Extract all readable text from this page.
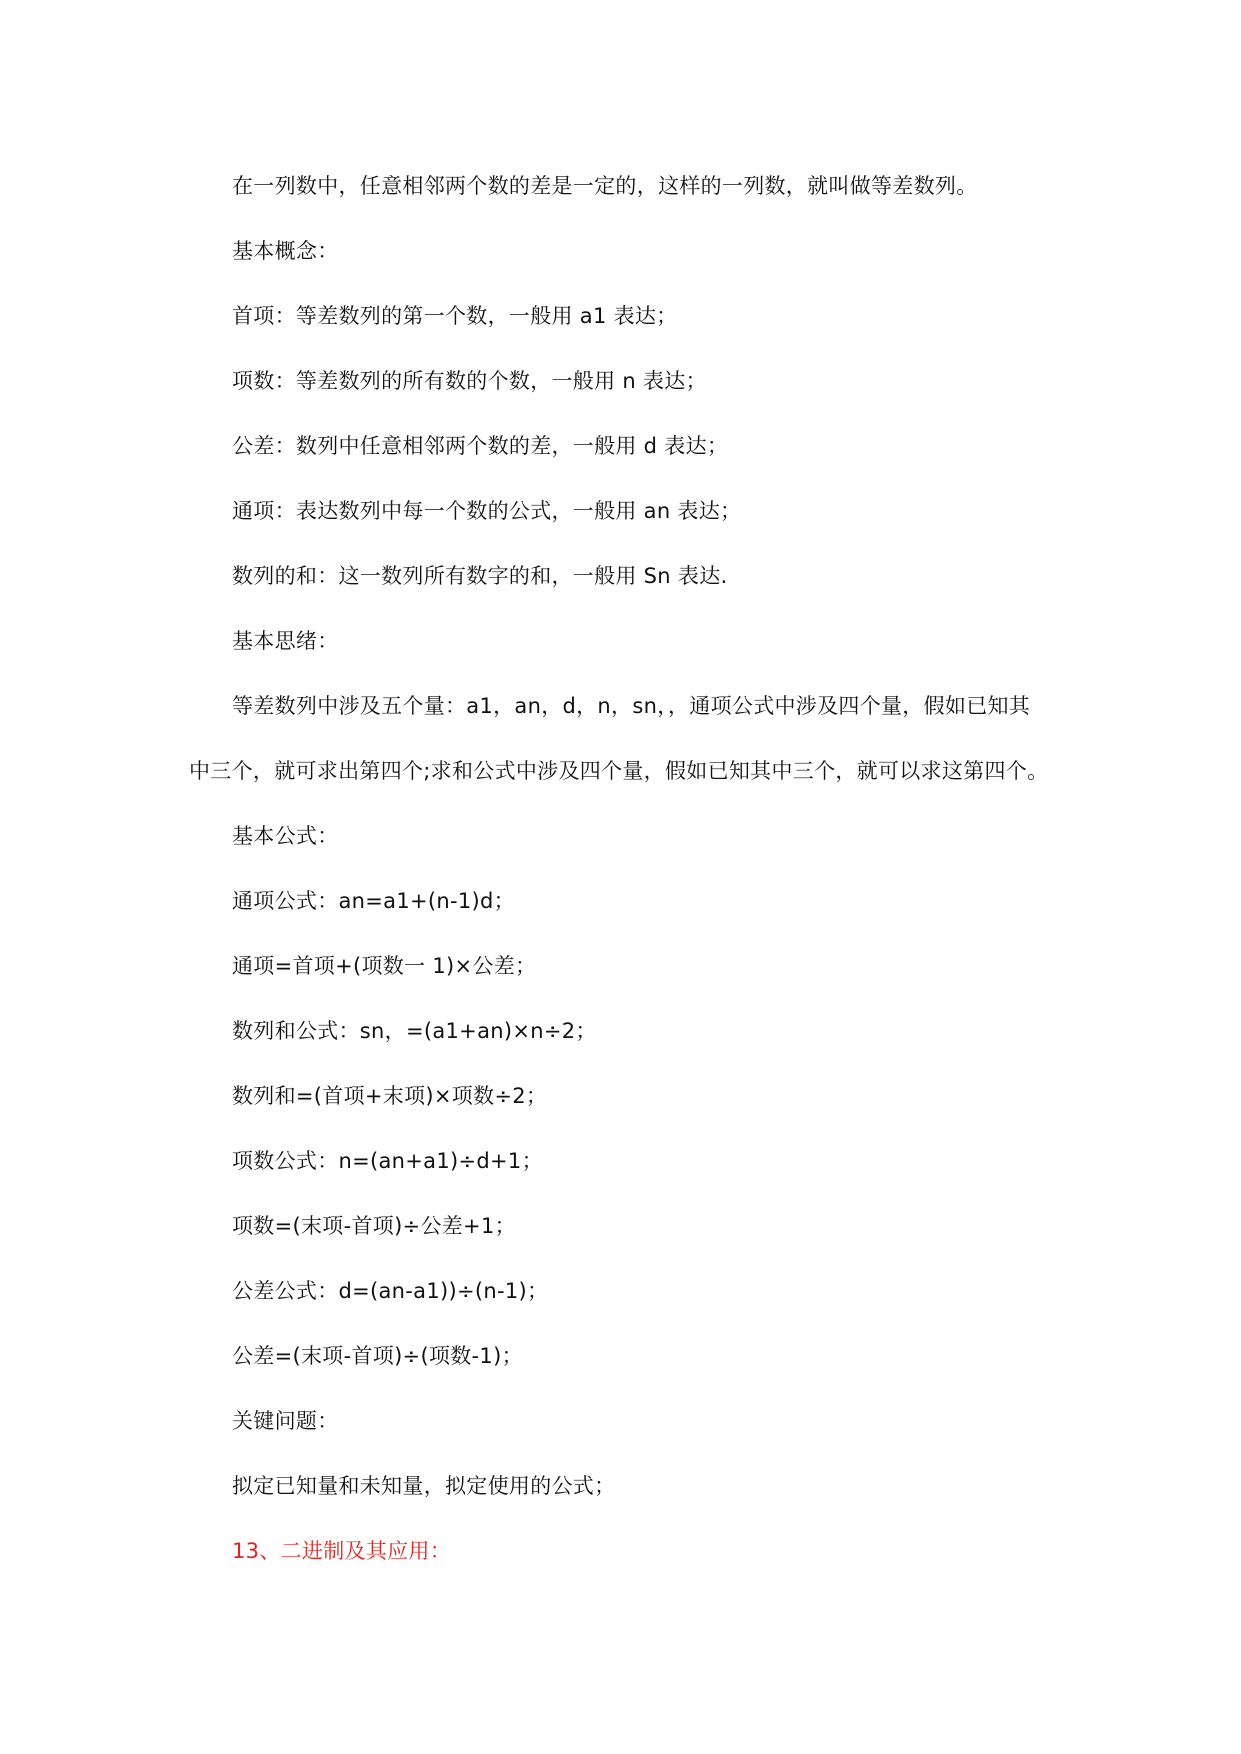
在一列数中，任意相邻两个数的差是一定的，这样的一列数，就叫做等差数列。
基本概念：
首项：等差数列的第一个数，一般用 a1 表达；
项数：等差数列的所有数的个数，一般用 n 表达；
公差：数列中任意相邻两个数的差，一般用 d 表达；
通项：表达数列中每一个数的公式，一般用 an 表达；
数列的和：这一数列所有数字的和，一般用 Sn 表达.
基本思绪：
等差数列中涉及五个量：a1，an，d，n，sn，，通项公式中涉及四个量，假如已知其
中三个，就可求出第四个;求和公式中涉及四个量，假如已知其中三个，就可以求这第四个。
基本公式：
通项公式：an=a1+(n-1)d；
通项=首项+(项数一 1)×公差；
数列和公式：sn，=(a1+an)×n÷2；
数列和=(首项+末项)×项数÷2；
项数公式：n=(an+a1)÷d+1；
项数=(末项-首项)÷公差+1；
公差公式：d=(an-a1))÷(n-1)；
公差=(末项-首项)÷(项数-1)；
关键问题：
拟定已知量和未知量，拟定使用的公式；
13、二进制及其应用：
